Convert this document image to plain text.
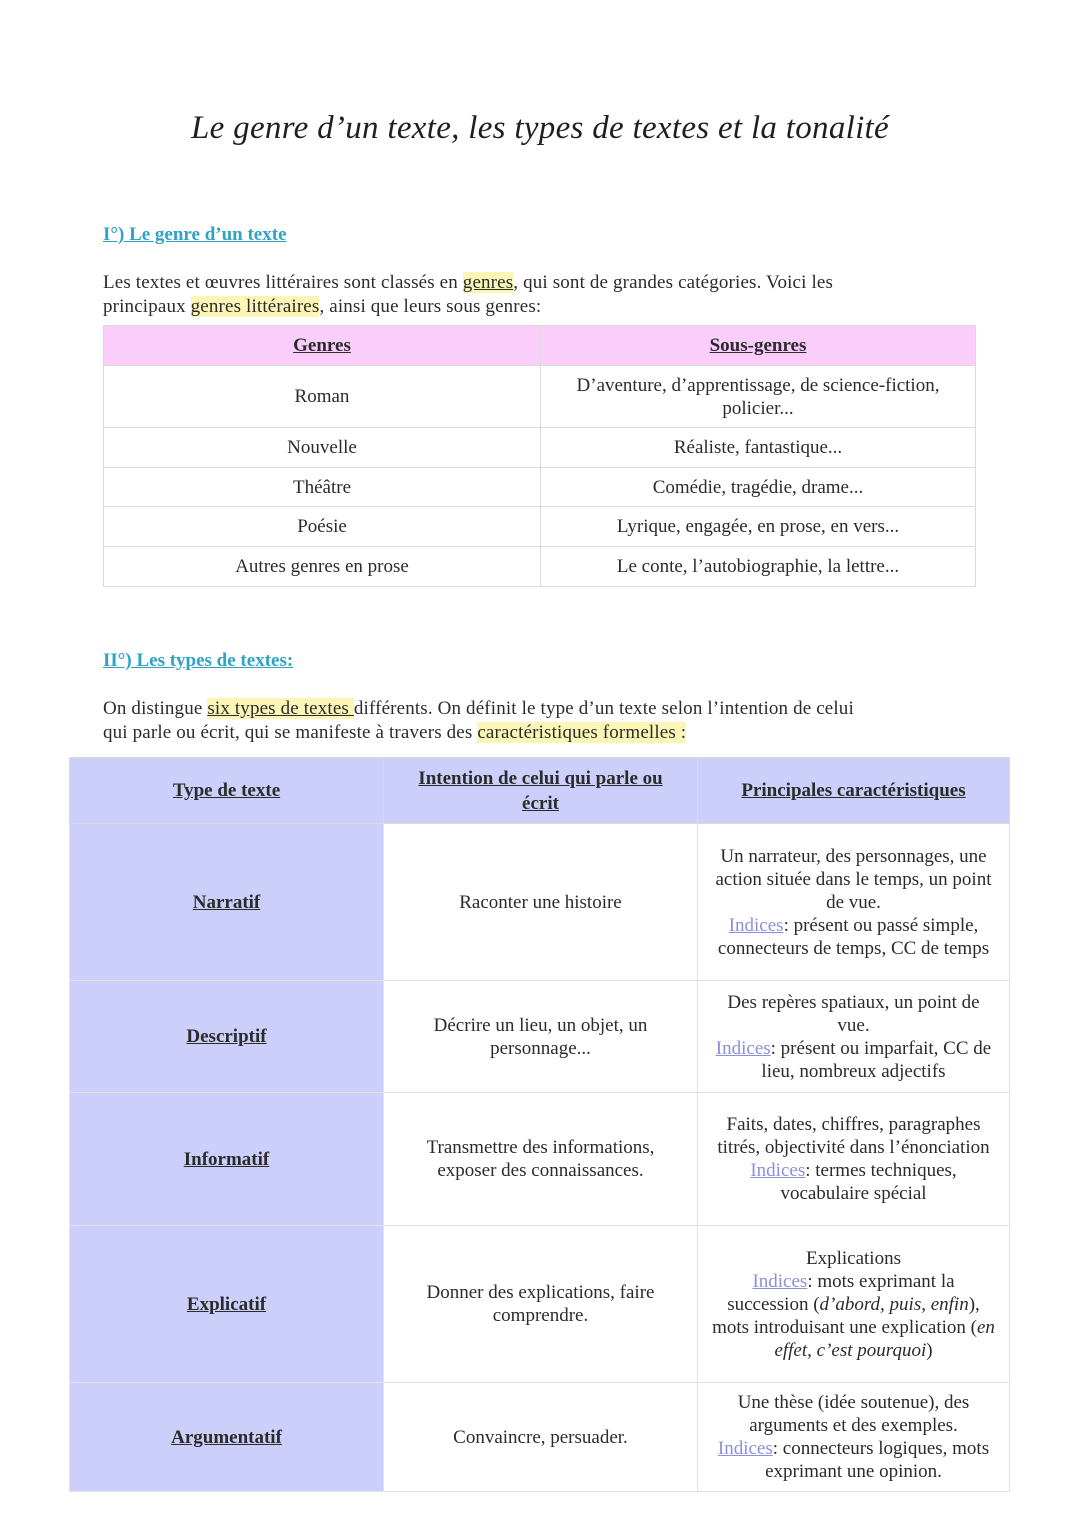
Le genre d’un texte, les types de textes et la tonalité
I°) Le genre d’un texte

Les textes et œuvres littéraires sont classés en genres, qui sont de grandes catégories. Voici les
principaux genres littéraires, ainsi que leurs sous genres:

Genres	Sous-genres
Roman	D’aventure, d’apprentissage, de science-fiction, policier...
Nouvelle	Réaliste, fantastique...
Théâtre	Comédie, tragédie, drame...
Poésie	Lyrique, engagée, en prose, en vers...
Autres genres en prose	Le conte, l’autobiographie, la lettre...
II°) Les types de textes:

On distingue six types de textes différents. On définit le type d’un texte selon l’intention de celui
qui parle ou écrit, qui se manifeste à travers des caractéristiques formelles :

Type de texte	Intention de celui qui parle ou écrit	Principales caractéristiques
Narratif	Raconter une histoire	Un narrateur, des personnages, une action située dans le temps, un point de vue.
Indices: présent ou passé simple, connecteurs de temps, CC de temps

Descriptif	Décrire un lieu, un objet, un personnage...	Des repères spatiaux, un point de vue.
Indices: présent ou imparfait, CC de lieu, nombreux adjectifs

Informatif	Transmettre des informations, exposer des connaissances.	Faits, dates, chiffres, paragraphes titrés, objectivité dans l’énonciation
Indices: termes techniques, vocabulaire spécial

Explicatif	Donner des explications, faire comprendre.	Explications
Indices: mots exprimant la succession (d’abord, puis, enfin), mots introduisant une explication (en effet, c’est pourquoi)

Argumentatif	Convaincre, persuader.	Une thèse (idée soutenue), des arguments et des exemples.
Indices: connecteurs logiques, mots exprimant une opinion.
